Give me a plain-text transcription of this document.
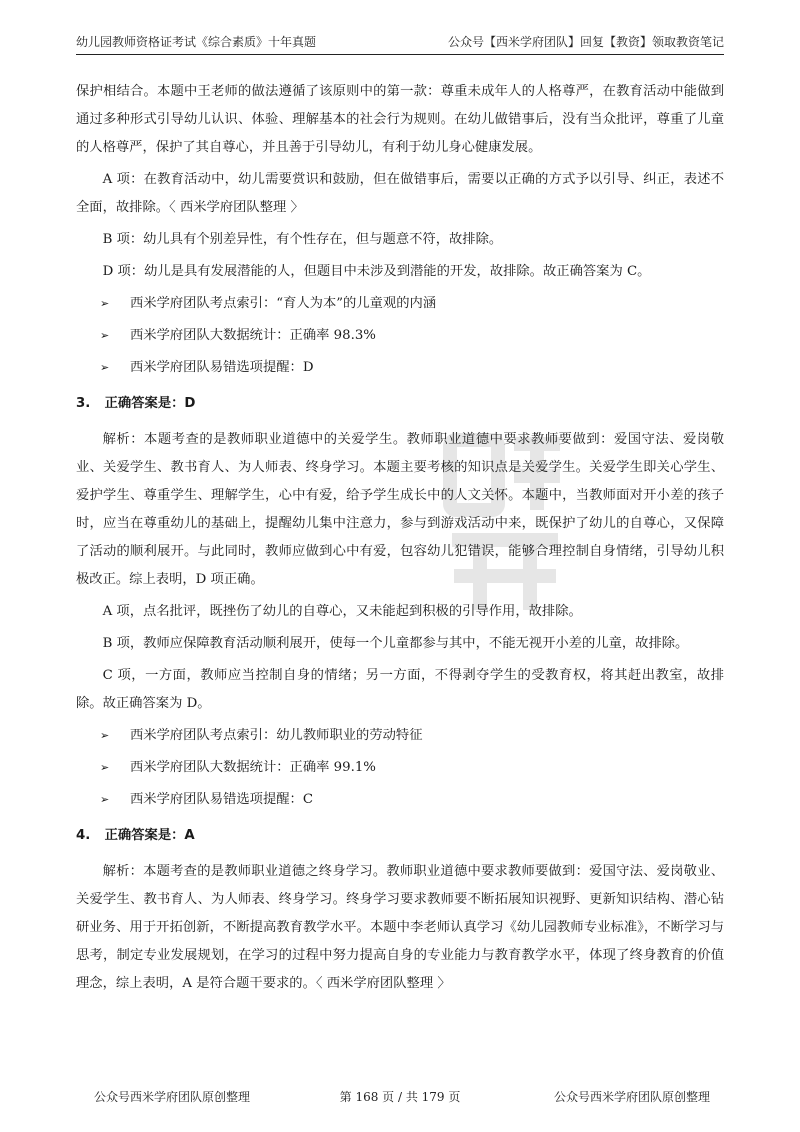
幼儿园教师资格证考试《综合素质》十年真题	公众号【西米学府团队】回复【教资】领取教资笔记

保护相结合。本题中王老师的做法遵循了该原则中的第一款：尊重未成年人的人格尊严，在教育活动中能做到通过多种形式引导幼儿认识、体验、理解基本的社会行为规则。在幼儿做错事后，没有当众批评，尊重了儿童的人格尊严，保护了其自尊心，并且善于引导幼儿，有利于幼儿身心健康发展。

A 项：在教育活动中，幼儿需要赏识和鼓励，但在做错事后，需要以正确的方式予以引导、纠正，表述不全面，故排除。〈 西米学府团队整理 〉

B 项：幼儿具有个别差异性，有个性存在，但与题意不符，故排除。

D 项：幼儿是具有发展潜能的人，但题目中未涉及到潜能的开发，故排除。故正确答案为 C。

➢ 西米学府团队考点索引：“育人为本”的儿童观的内涵
➢ 西米学府团队大数据统计：正确率 98.3%
➢ 西米学府团队易错选项提醒：D
3. 正确答案是：D

解析：本题考查的是教师职业道德中的关爱学生。教师职业道德中要求教师要做到：爱国守法、爱岗敬业、关爱学生、教书育人、为人师表、终身学习。本题主要考核的知识点是关爱学生。关爱学生即关心学生、爱护学生、尊重学生、理解学生，心中有爱，给予学生成长中的人文关怀。本题中，当教师面对开小差的孩子时，应当在尊重幼儿的基础上，提醒幼儿集中注意力，参与到游戏活动中来，既保护了幼儿的自尊心，又保障了活动的顺利展开。与此同时，教师应做到心中有爱，包容幼儿犯错误，能够合理控制自身情绪，引导幼儿积极改正。综上表明，D 项正确。

A 项，点名批评，既挫伤了幼儿的自尊心，又未能起到积极的引导作用，故排除。

B 项，教师应保障教育活动顺利展开，使每一个儿童都参与其中，不能无视开小差的儿童，故排除。

C 项，一方面，教师应当控制自身的情绪；另一方面，不得剥夺学生的受教育权，将其赶出教室，故排除。故正确答案为 D。

➢ 西米学府团队考点索引：幼儿教师职业的劳动特征
➢ 西米学府团队大数据统计：正确率 99.1%
➢ 西米学府团队易错选项提醒：C
4. 正确答案是：A

解析：本题考查的是教师职业道德之终身学习。教师职业道德中要求教师要做到：爱国守法、爱岗敬业、关爱学生、教书育人、为人师表、终身学习。终身学习要求教师要不断拓展知识视野、更新知识结构、潜心钻研业务、用于开拓创新，不断提高教育教学水平。本题中李老师认真学习《幼儿园教师专业标准》，不断学习与思考，制定专业发展规划，在学习的过程中努力提高自身的专业能力与教育教学水平，体现了终身教育的价值理念，综上表明，A 是符合题干要求的。〈 西米学府团队整理 〉

公众号西米学府团队原创整理	第 168 页 / 共 179 页	公众号西米学府团队原创整理
